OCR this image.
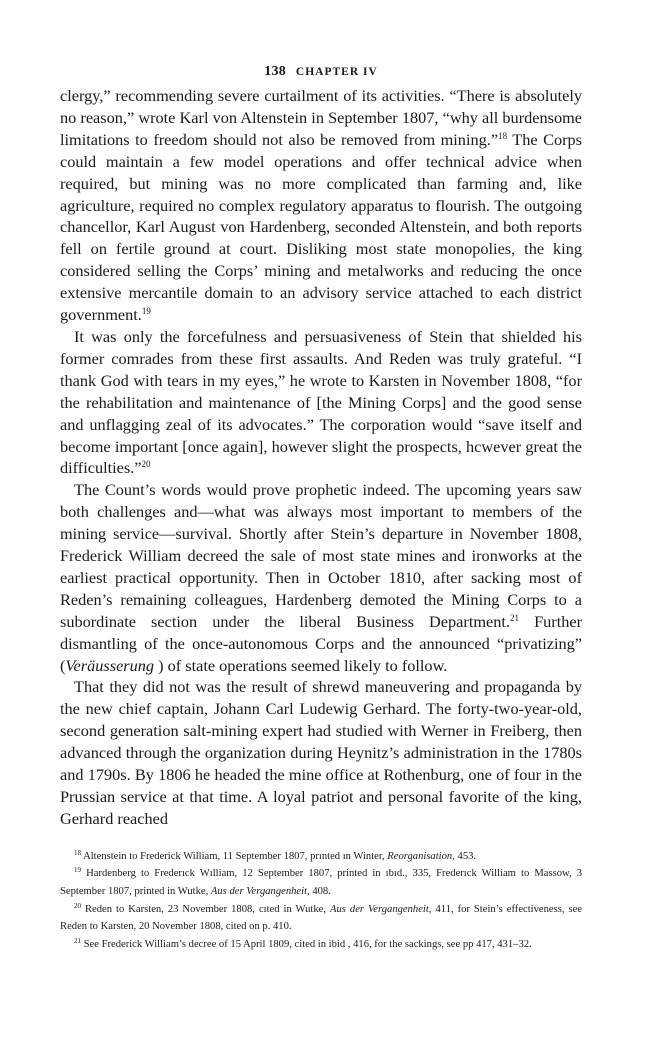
138 CHAPTER IV

clergy,” recommending severe curtailment of its activities. “There is absolutely no reason,” wrote Karl von Altenstein in September 1807, “why all burdensome limitations to freedom should not also be removed from mining.”$^{18}$ The Corps could maintain a few model operations and offer technical advice when required, but mining was no more complicated than farming and, like agriculture, required no complex regulatory apparatus to flourish. The outgoing chancellor, Karl August von Hardenberg, seconded Altenstein, and both reports fell on fertile ground at court. Disliking most state monopolies, the king considered selling the Corps’ mining and metalworks and reducing the once extensive mercantile domain to an advisory service attached to each district government.$^{19}$

It was only the forcefulness and persuasiveness of Stein that shielded his former comrades from these first assaults. And Reden was truly grateful. “I thank God with tears in my eyes,” he wrote to Karsten in November 1808, “for the rehabilitation and maintenance of [the Mining Corps] and the good sense and unflagging zeal of its advocates.” The corporation would “save itself and become important [once again], however slight the prospects, hcwever great the difficulties.”$^{20}$

The Count’s words would prove prophetic indeed. The upcoming years saw both challenges and—what was always most important to members of the mining service—survival. Shortly after Stein’s departure in November 1808, Frederick William decreed the sale of most state mines and ironworks at the earliest practical opportunity. Then in October 1810, after sacking most of Reden’s remaining colleagues, Hardenberg demoted the Mining Corps to a subordinate section under the liberal Business Department.$^{21}$ Further dismantling of the once-autonomous Corps and the announced “privatizing” (Veräusserung ) of state operations seemed likely to follow.

That they did not was the result of shrewd maneuvering and propaganda by the new chief captain, Johann Carl Ludewig Gerhard. The forty-two-year-old, second generation salt-mining expert had studied with Werner in Freiberg, then advanced through the organization during Heynitz’s administration in the 1780s and 1790s. By 1806 he headed the mine office at Rothenburg, one of four in the Prussian service at that time. A loyal patriot and personal favorite of the king, Gerhard reached

$^{18}$ Altenstein to Frederick William, 11 September 1807, prınted ın Winter, Reorganisation, 453.

$^{19}$ Hardenberg to Frederıck Wılliam, 12 September 1807, printed in ıbıd., 335, Frederıck William to Massow, 3 September 1807, printed in Wutke, Aus der Vergangenheit, 408.

$^{20}$ Reden to Karsten, 23 November 1808, cıted in Wutke, Aus der Vergangenheit, 411, for Stein’s effectiveness, see Reden to Karsten, 20 November 1808, cited on p. 410.

$^{21}$ See Frederick William’s decree of 15 April 1809, cited in ibid , 416, for the sackings, see pp 417, 431–32.
